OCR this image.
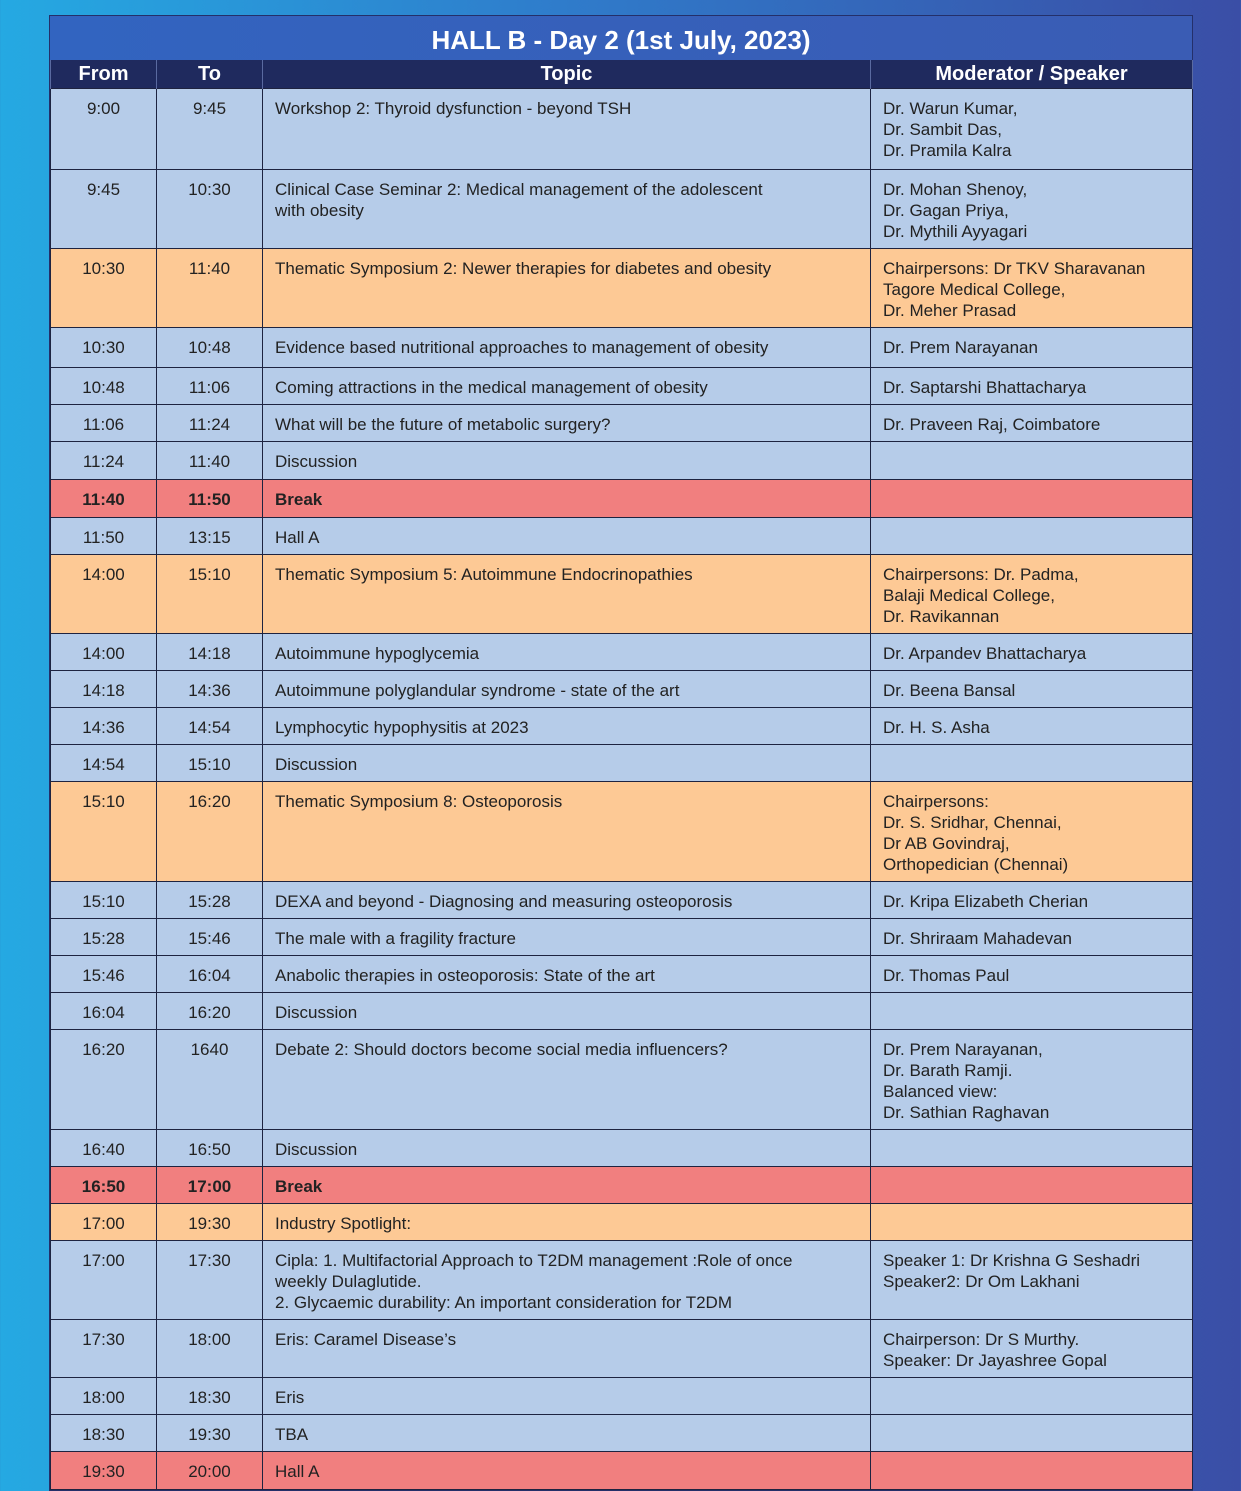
HALL B - Day 2 (1st July, 2023)
From	To	Topic	Moderator / Speaker
9:00	9:45	Workshop 2: Thyroid dysfunction - beyond TSH	Dr. Warun Kumar,
Dr. Sambit Das,
Dr. Pramila Kalra
9:45	10:30	Clinical Case Seminar 2: Medical management of the adolescent
with obesity	Dr. Mohan Shenoy,
Dr. Gagan Priya,
Dr. Mythili Ayyagari
10:30	11:40	Thematic Symposium 2: Newer therapies for diabetes and obesity	Chairpersons: Dr TKV Sharavanan
Tagore Medical College,
Dr. Meher Prasad
10:30	10:48	Evidence based nutritional approaches to management of obesity	Dr. Prem Narayanan
10:48	11:06	Coming attractions in the medical management of obesity	Dr. Saptarshi Bhattacharya
11:06	11:24	What will be the future of metabolic surgery?	Dr. Praveen Raj, Coimbatore
11:24	11:40	Discussion	
11:40	11:50	Break	
11:50	13:15	Hall A	
14:00	15:10	Thematic Symposium 5: Autoimmune Endocrinopathies	Chairpersons: Dr. Padma,
Balaji Medical College,
Dr. Ravikannan
14:00	14:18	Autoimmune hypoglycemia	Dr. Arpandev Bhattacharya
14:18	14:36	Autoimmune polyglandular syndrome - state of the art	Dr. Beena Bansal
14:36	14:54	Lymphocytic hypophysitis at 2023	Dr. H. S. Asha
14:54	15:10	Discussion	
15:10	16:20	Thematic Symposium 8: Osteoporosis	Chairpersons:
Dr. S. Sridhar, Chennai,
Dr AB Govindraj,
Orthopedician (Chennai)
15:10	15:28	DEXA and beyond - Diagnosing and measuring osteoporosis	Dr. Kripa Elizabeth Cherian
15:28	15:46	The male with a fragility fracture	Dr. Shriraam Mahadevan
15:46	16:04	Anabolic therapies in osteoporosis: State of the art	Dr. Thomas Paul
16:04	16:20	Discussion	
16:20	1640	Debate 2: Should doctors become social media influencers?	Dr. Prem Narayanan,
Dr. Barath Ramji.
Balanced view:
Dr. Sathian Raghavan
16:40	16:50	Discussion	
16:50	17:00	Break	
17:00	19:30	Industry Spotlight:	
17:00	17:30	Cipla: 1. Multifactorial Approach to T2DM management :Role of once
weekly Dulaglutide.
2. Glycaemic durability: An important consideration for T2DM	Speaker 1: Dr Krishna G Seshadri
Speaker2: Dr Om Lakhani
17:30	18:00	Eris: Caramel Disease’s	Chairperson: Dr S Murthy.
Speaker: Dr Jayashree Gopal
18:00	18:30	Eris	
18:30	19:30	TBA	
19:30	20:00	Hall A	
